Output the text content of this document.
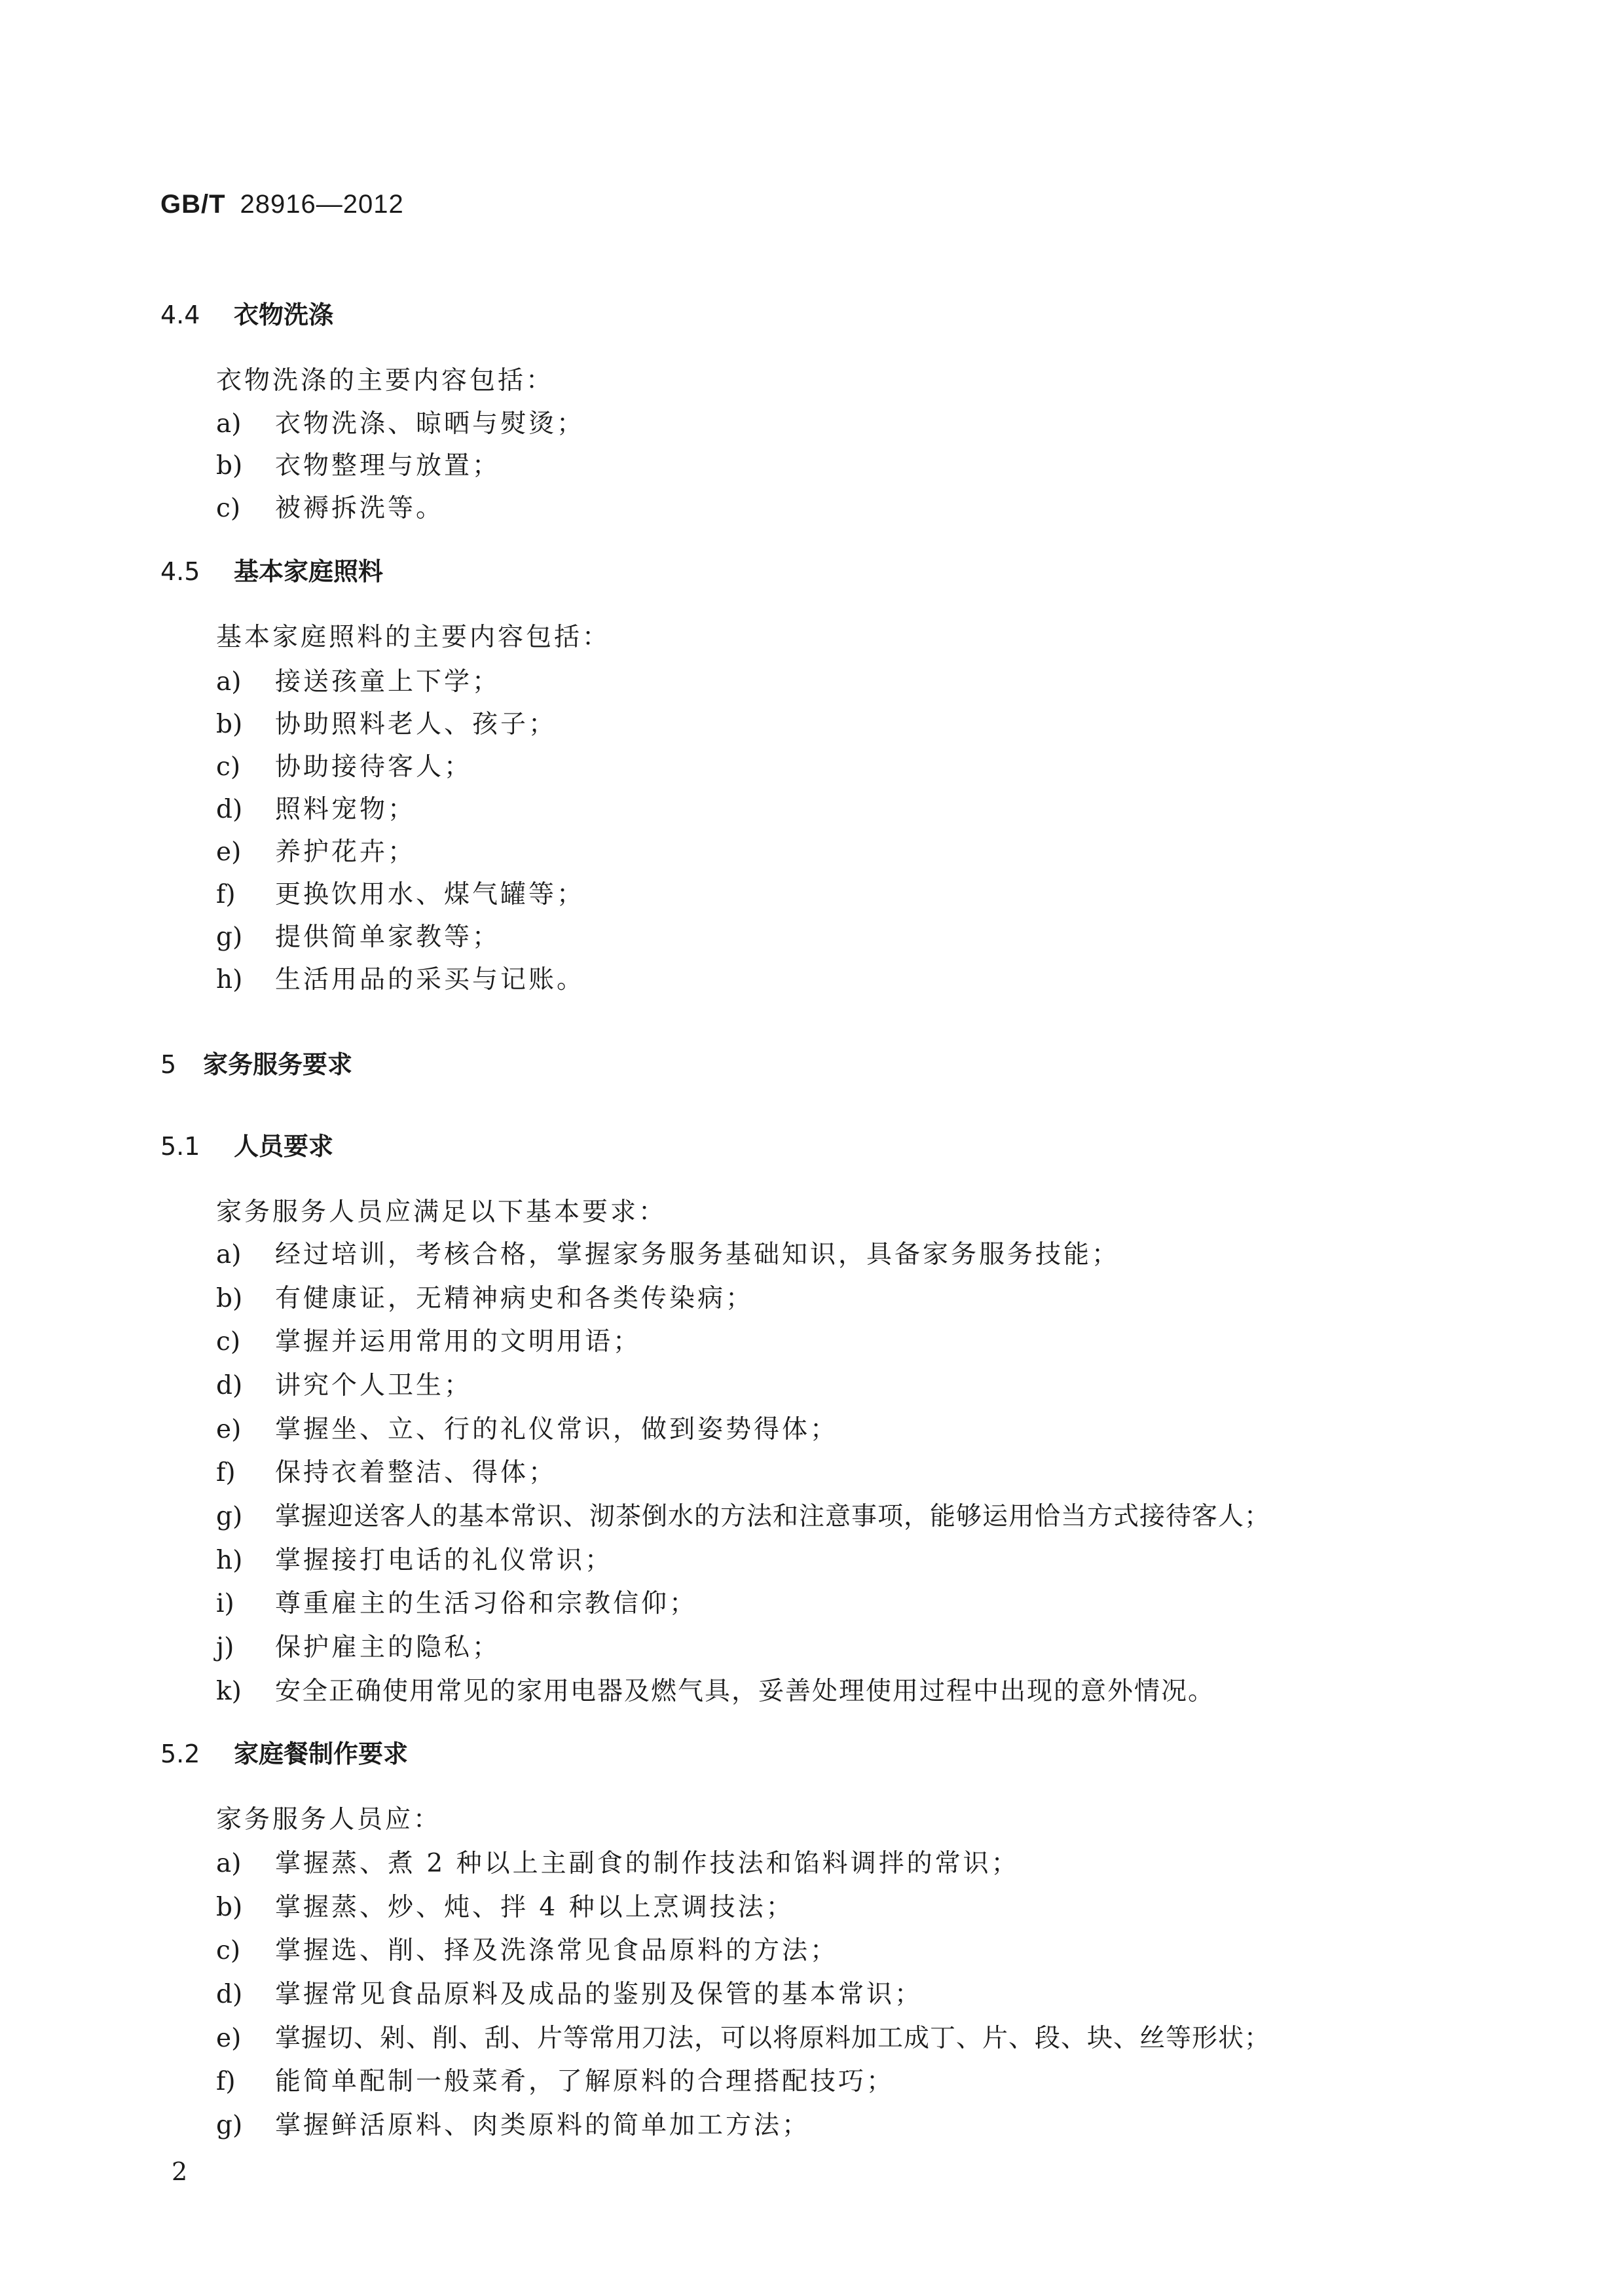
GB/T 28916—2012
4.4 衣物洗涤
衣物洗涤的主要内容包括：
a) 衣物洗涤、晾晒与熨烫；
b) 衣物整理与放置；
c) 被褥拆洗等。
4.5 基本家庭照料
基本家庭照料的主要内容包括：
a) 接送孩童上下学；
b) 协助照料老人、孩子；
c) 协助接待客人；
d) 照料宠物；
e) 养护花卉；
f) 更换饮用水、煤气罐等；
g) 提供简单家教等；
h) 生活用品的采买与记账。
5 家务服务要求
5.1 人员要求
家务服务人员应满足以下基本要求：
a) 经过培训，考核合格，掌握家务服务基础知识，具备家务服务技能；
b) 有健康证，无精神病史和各类传染病；
c) 掌握并运用常用的文明用语；
d) 讲究个人卫生；
e) 掌握坐、立、行的礼仪常识，做到姿势得体；
f) 保持衣着整洁、得体；
g) 掌握迎送客人的基本常识、沏茶倒水的方法和注意事项，能够运用恰当方式接待客人；
h) 掌握接打电话的礼仪常识；
i) 尊重雇主的生活习俗和宗教信仰；
j) 保护雇主的隐私；
k) 安全正确使用常见的家用电器及燃气具，妥善处理使用过程中出现的意外情况。
5.2 家庭餐制作要求
家务服务人员应：
a) 掌握蒸、煮 2 种以上主副食的制作技法和馅料调拌的常识；
b) 掌握蒸、炒、炖、拌 4 种以上烹调技法；
c) 掌握选、削、择及洗涤常见食品原料的方法；
d) 掌握常见食品原料及成品的鉴别及保管的基本常识；
e) 掌握切、剁、削、刮、片等常用刀法，可以将原料加工成丁、片、段、块、丝等形状；
f) 能简单配制一般菜肴，了解原料的合理搭配技巧；
g) 掌握鲜活原料、肉类原料的简单加工方法；
2
